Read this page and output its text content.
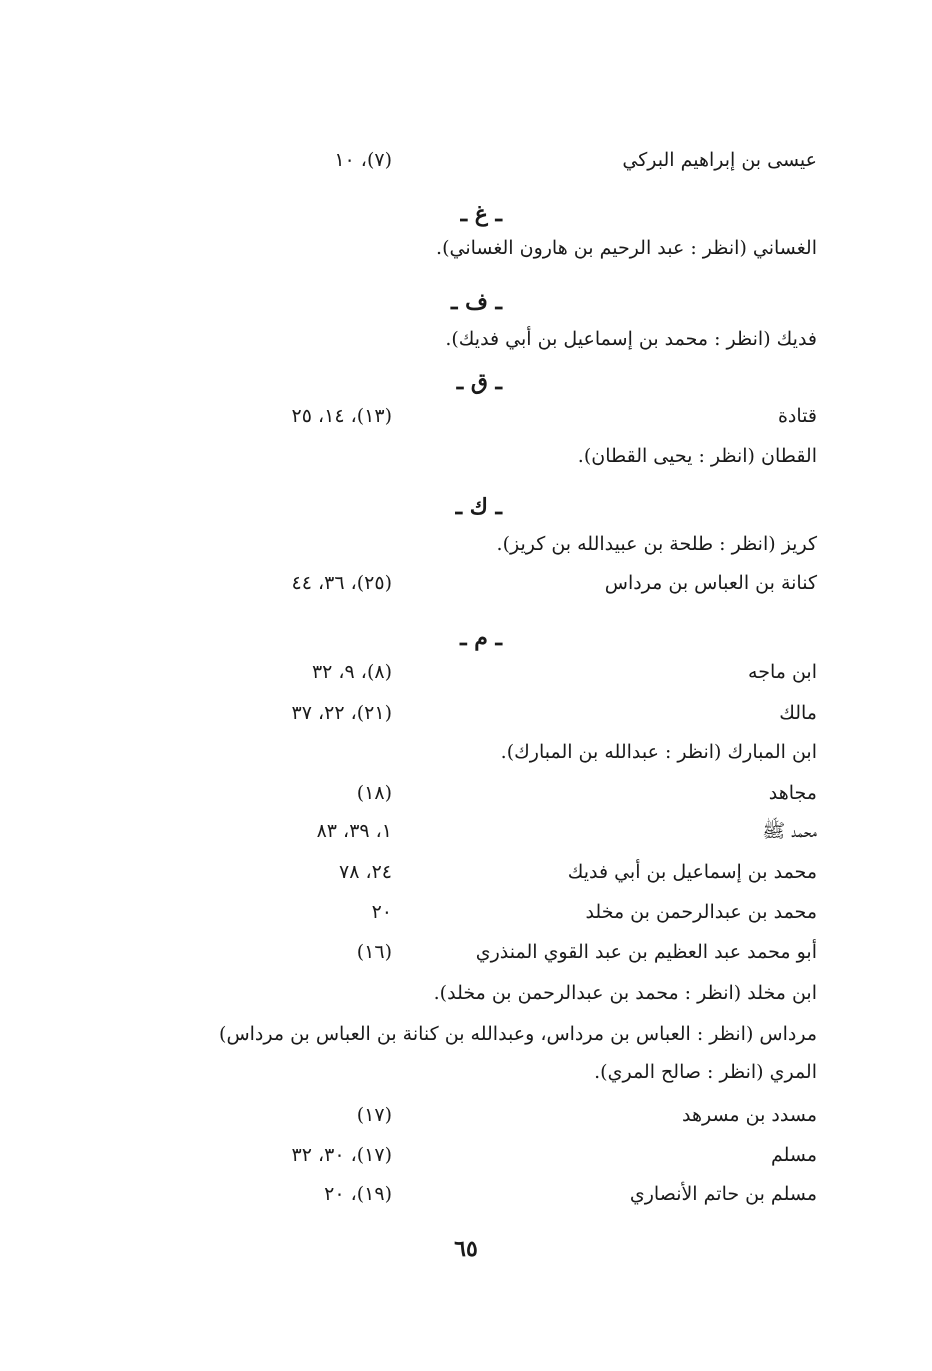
عيسى بن إبراهيم البركي
(٧)، ١٠
ـ غ ـ
الغساني (انظر : عبد الرحيم بن هارون الغساني).
ـ ف ـ
فديك (انظر : محمد بن إسماعيل بن أبي فديك).
ـ ق ـ
قتادة
(١٣)، ١٤، ٢٥
القطان (انظر : يحيى القطان).
ـ ك ـ
كريز (انظر : طلحة بن عبيدالله بن كريز).
كنانة بن العباس بن مرداس
(٢٥)، ٣٦، ٤٤
ـ م ـ
ابن ماجه
(٨)، ٩، ٣٢
مالك
(٢١)، ٢٢، ٣٧
ابن المبارك (انظر : عبدالله بن المبارك).
مجاهد
(١٨)
محمد ﷺ
١، ٣٩، ٨٣
محمد بن إسماعيل بن أبي فديك
٢٤، ٧٨
محمد بن عبدالرحمن بن مخلد
٢٠
أبو محمد عبد العظيم بن عبد القوي المنذري
(١٦)
ابن مخلد (انظر : محمد بن عبدالرحمن بن مخلد).
مرداس (انظر : العباس بن مرداس، وعبدالله بن كنانة بن العباس بن مرداس)
المري (انظر : صالح المري).
مسدد بن مسرهد
(١٧)
مسلم
(١٧)، ٣٠، ٣٢
مسلم بن حاتم الأنصاري
(١٩)، ٢٠
٦٥
